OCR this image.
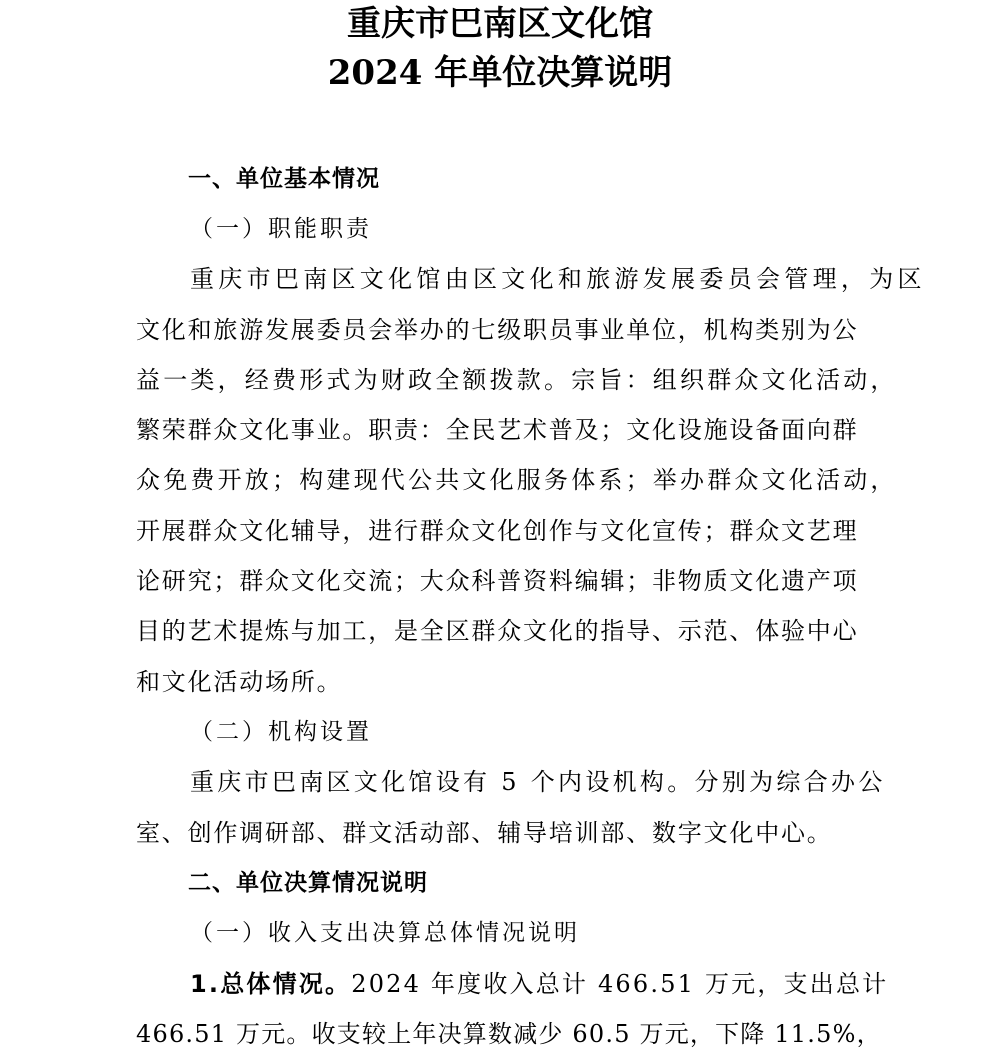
重庆市巴南区文化馆
2024 年单位决算说明
一、单位基本情况
（一）职能职责
重庆市巴南区文化馆由区文化和旅游发展委员会管理，为区
文化和旅游发展委员会举办的七级职员事业单位，机构类别为公
益一类，经费形式为财政全额拨款。宗旨：组织群众文化活动，
繁荣群众文化事业。职责：全民艺术普及；文化设施设备面向群
众免费开放；构建现代公共文化服务体系；举办群众文化活动，
开展群众文化辅导，进行群众文化创作与文化宣传；群众文艺理
论研究；群众文化交流；大众科普资料编辑；非物质文化遗产项
目的艺术提炼与加工，是全区群众文化的指导、示范、体验中心
和文化活动场所。
（二）机构设置
重庆市巴南区文化馆设有 5 个内设机构。分别为综合办公
室、创作调研部、群文活动部、辅导培训部、数字文化中心。
二、单位决算情况说明
（一）收入支出决算总体情况说明
1.总体情况。2024 年度收入总计 466.51 万元，支出总计
466.51 万元。收支较上年决算数减少 60.5 万元，下降 11.5%，
